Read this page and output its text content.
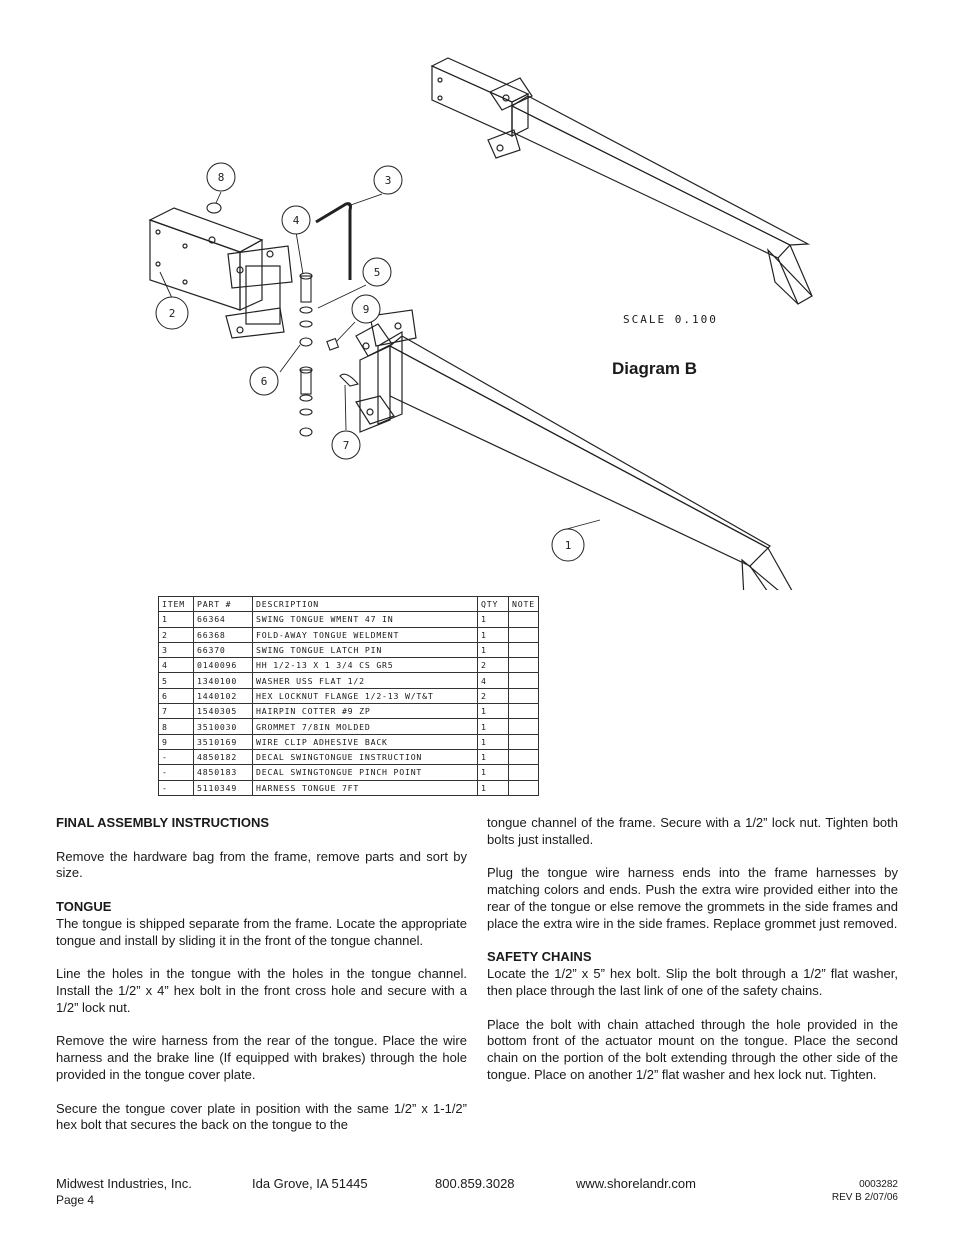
8	3
4
5
9
6
7
2
1
SCALE 0.100
Diagram B
ITEM	PART #	DESCRIPTION	QTY	NOTE
1	66364	SWING TONGUE WMENT 47 IN	1	
2	66368	FOLD-AWAY TONGUE WELDMENT	1	
3	66370	SWING TONGUE LATCH PIN	1	
4	0140096	HH 1/2-13 X 1 3/4 CS GR5	2	
5	1340100	WASHER USS FLAT 1/2	4	
6	1440102	HEX LOCKNUT FLANGE 1/2-13 W/T&T	2	
7	1540305	HAIRPIN COTTER #9 ZP	1	
8	3510030	GROMMET 7/8IN MOLDED	1	
9	3510169	WIRE CLIP ADHESIVE BACK	1	
-	4850182	DECAL SWINGTONGUE INSTRUCTION	1	
-	4850183	DECAL SWINGTONGUE PINCH POINT	1	
-	5110349	HARNESS TONGUE 7FT	1	
FINAL ASSEMBLY INSTRUCTIONS

Remove the hardware bag from the frame, remove parts and sort by size.

TONGUE

The tongue is shipped separate from the frame. Locate the appropriate tongue and install by sliding it in the front of the tongue channel.

Line the holes in the tongue with the holes in the tongue channel. Install the 1/2” x 4” hex bolt in the front cross hole and secure with a 1/2” lock nut.

Remove the wire harness from the rear of the tongue. Place the wire harness and the brake line (If equipped with brakes) through the hole provided in the tongue cover plate.

Secure the tongue cover plate in position with the same 1/2” x 1-1/2” hex bolt that secures the back on the tongue to the

tongue channel of the frame. Secure with a 1/2” lock nut. Tighten both bolts just installed.

Plug the tongue wire harness ends into the frame harnesses by matching colors and ends. Push the extra wire provided either into the rear of the tongue or else remove the grommets in the side frames and place the extra wire in the side frames. Replace grommet just removed.

SAFETY CHAINS

Locate the 1/2” x 5” hex bolt. Slip the bolt through a 1/2” flat washer, then place through the last link of one of the safety chains.

Place the bolt with chain attached through the hole provided in the bottom front of the actuator mount on the tongue. Place the second chain on the portion of the bolt extending through the other side of the tongue. Place on another 1/2” flat washer and hex lock nut. Tighten.

Midwest Industries, Inc.	Ida Grove, IA 51445	800.859.3028	www.shorelandr.com
Page 4
0003282
REV B 2/07/06
